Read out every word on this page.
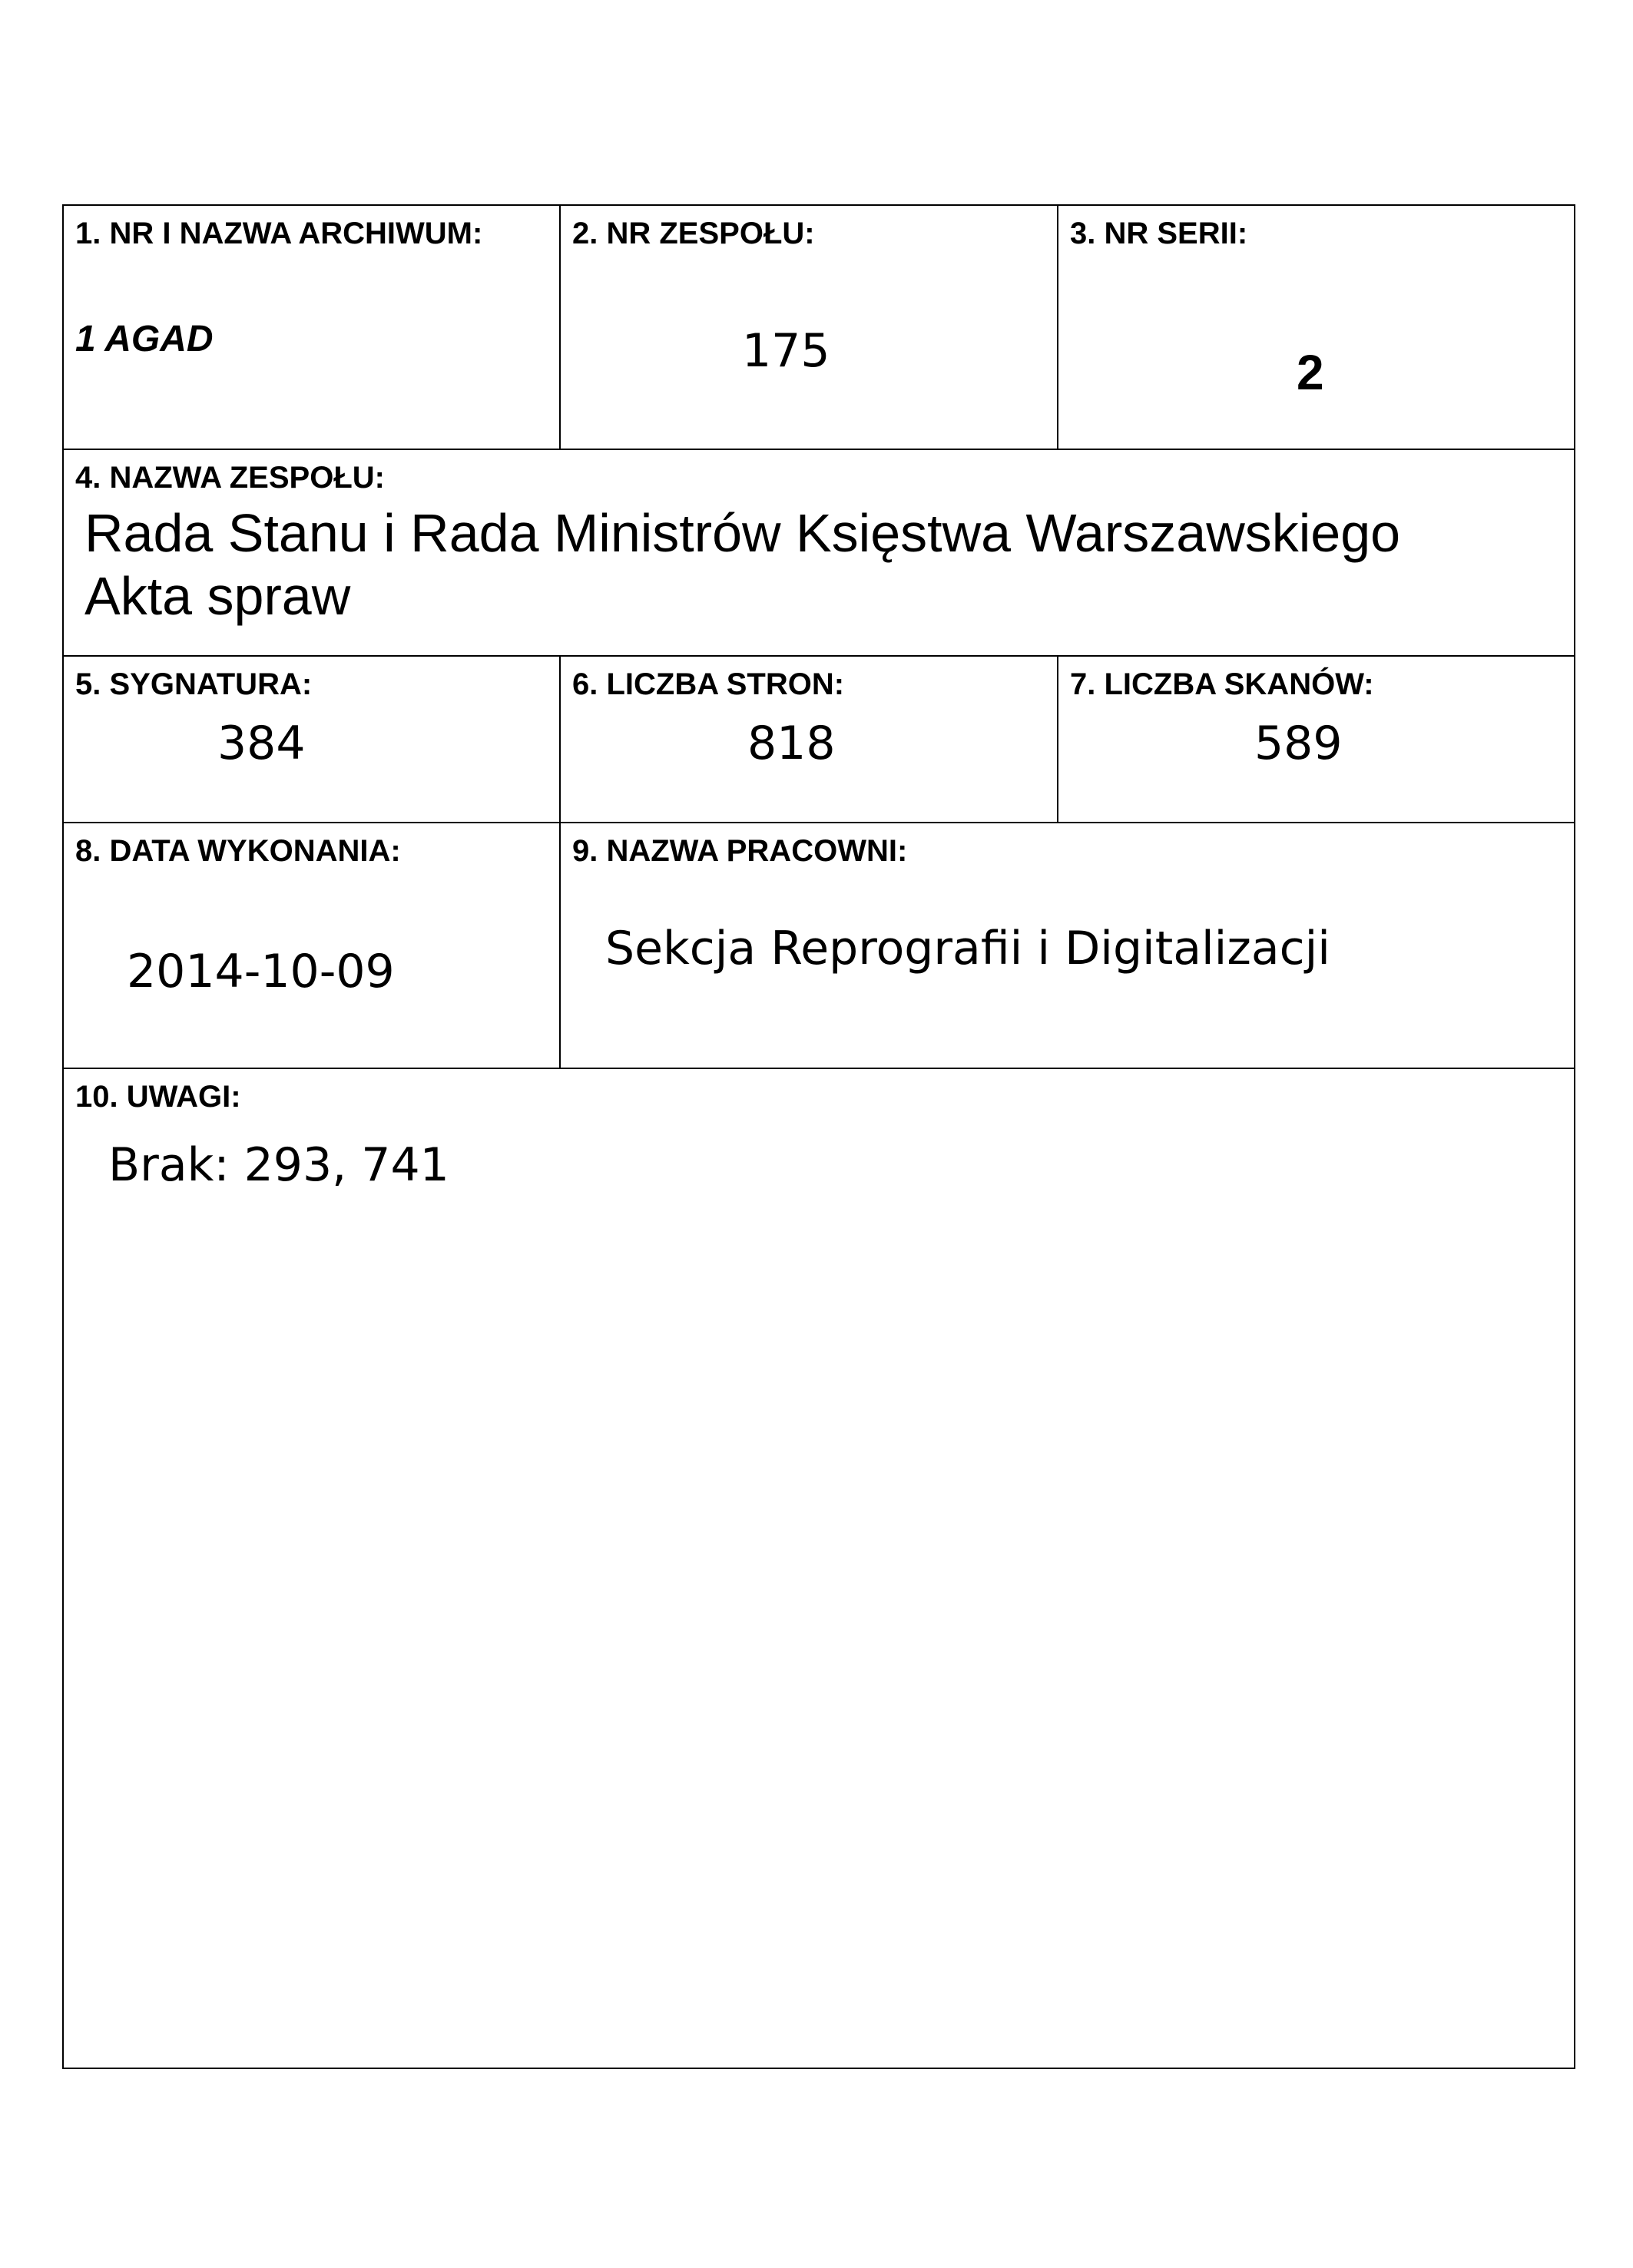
1. NR I NAZWA ARCHIWUM:
1 AGAD
2. NR ZESPOŁU:
175
3. NR SERII:
2
4. NAZWA ZESPOŁU:
Rada Stanu i Rada Ministrów Księstwa Warszawskiego
Akta spraw
5. SYGNATURA:
384
6. LICZBA STRON:
818
7. LICZBA SKANÓW:
589
8. DATA WYKONANIA:
2014-10-09
9. NAZWA PRACOWNI:
Sekcja Reprografii i Digitalizacji
10. UWAGI:
Brak: 293, 741
